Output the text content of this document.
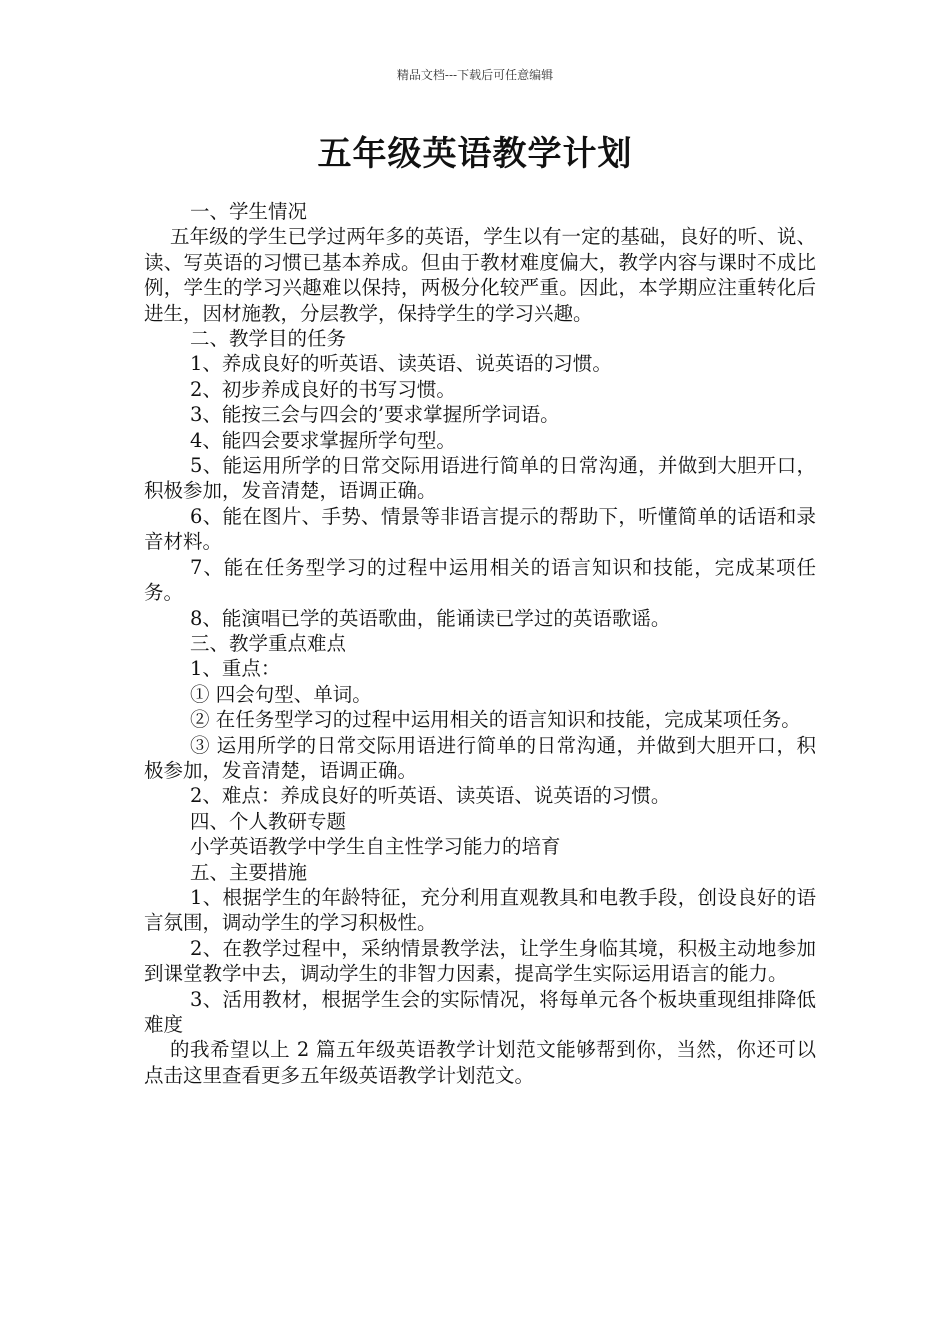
精品文档---下载后可任意编辑
五年级英语教学计划

一、学生情况

五年级的学生已学过两年多的英语，学生以有一定的基础，良好的听、说、读、写英语的习惯已基本养成。但由于教材难度偏大，教学内容与课时不成比例，学生的学习兴趣难以保持，两极分化较严重。因此，本学期应注重转化后进生，因材施教，分层教学，保持学生的学习兴趣。

二、教学目的任务

1、养成良好的听英语、读英语、说英语的习惯。

2、初步养成良好的书写习惯。

3、能按三会与四会的’要求掌握所学词语。

4、能四会要求掌握所学句型。

5、能运用所学的日常交际用语进行简单的日常沟通，并做到大胆开口，积极参加，发音清楚，语调正确。

6、能在图片、手势、情景等非语言提示的帮助下，听懂简单的话语和录音材料。

7、能在任务型学习的过程中运用相关的语言知识和技能，完成某项任务。

8、能演唱已学的英语歌曲，能诵读已学过的英语歌谣。

三、教学重点难点

1、重点：

① 四会句型、单词。

② 在任务型学习的过程中运用相关的语言知识和技能，完成某项任务。

③ 运用所学的日常交际用语进行简单的日常沟通，并做到大胆开口，积极参加，发音清楚，语调正确。

2、难点：养成良好的听英语、读英语、说英语的习惯。

四、个人教研专题

小学英语教学中学生自主性学习能力的培育

五、主要措施

1、根据学生的年龄特征，充分利用直观教具和电教手段，创设良好的语言氛围，调动学生的学习积极性。

2、在教学过程中，采纳情景教学法，让学生身临其境，积极主动地参加到课堂教学中去，调动学生的非智力因素，提高学生实际运用语言的能力。

3、活用教材，根据学生会的实际情况，将每单元各个板块重现组排降低难度

的我希望以上 2 篇五年级英语教学计划范文能够帮到你，当然，你还可以点击这里查看更多五年级英语教学计划范文。
